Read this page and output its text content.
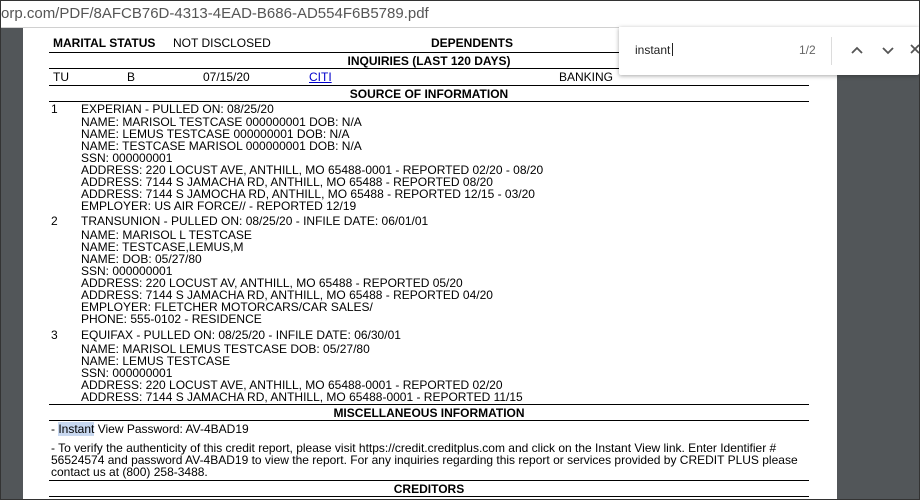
orp.com/PDF/8AFCB76D-4313-4EAD-B686-AD554F6B5789.pdf
MARITAL STATUS NOT DISCLOSED	DEPENDENTS
INQUIRIES (LAST 120 DAYS)
TU	B	07/15/20	CITI	BANKING
SOURCE OF INFORMATION
1 EXPERIAN - PULLED ON: 08/25/20
NAME: MARISOL TESTCASE 000000001 DOB: N/A
NAME: LEMUS TESTCASE 000000001 DOB: N/A
NAME: TESTCASE MARISOL 000000001 DOB: N/A
SSN: 000000001
ADDRESS: 220 LOCUST AVE, ANTHILL, MO 65488-0001 - REPORTED 02/20 - 08/20
ADDRESS: 7144 S JAMACHA RD, ANTHILL, MO 65488 - REPORTED 08/20
ADDRESS: 7144 S JAMOCHA RD, ANTHILL, MO 65488 - REPORTED 12/15 - 03/20
EMPLOYER: US AIR FORCE// - REPORTED 12/19
2 TRANSUNION - PULLED ON: 08/25/20 - INFILE DATE: 06/01/01
NAME: MARISOL L TESTCASE
NAME: TESTCASE,LEMUS,M
NAME: DOB: 05/27/80
SSN: 000000001
ADDRESS: 220 LOCUST AV, ANTHILL, MO 65488 - REPORTED 05/20
ADDRESS: 7144 S JAMACHA RD, ANTHILL, MO 65488 - REPORTED 04/20
EMPLOYER: FLETCHER MOTORCARS/CAR SALES/
PHONE: 555-0102 - RESIDENCE
3 EQUIFAX - PULLED ON: 08/25/20 - INFILE DATE: 06/30/01
NAME: MARISOL LEMUS TESTCASE DOB: 05/27/80
NAME: LEMUS TESTCASE
SSN: 000000001
ADDRESS: 220 LOCUST AVE, ANTHILL, MO 65488-0001 - REPORTED 02/20
ADDRESS: 7144 S JAMACHA RD, ANTHILL, MO 65488-0001 - REPORTED 11/15
MISCELLANEOUS INFORMATION
- Instant View Password: AV-4BAD19
- To verify the authenticity of this credit report, please visit https://credit.creditplus.com and click on the Instant View link. Enter Identifier # 56524574 and password AV-4BAD19 to view the report. For any inquiries regarding this report or services provided by CREDIT PLUS please contact us at (800) 258-3488.
CREDITORS
instant	1/2
